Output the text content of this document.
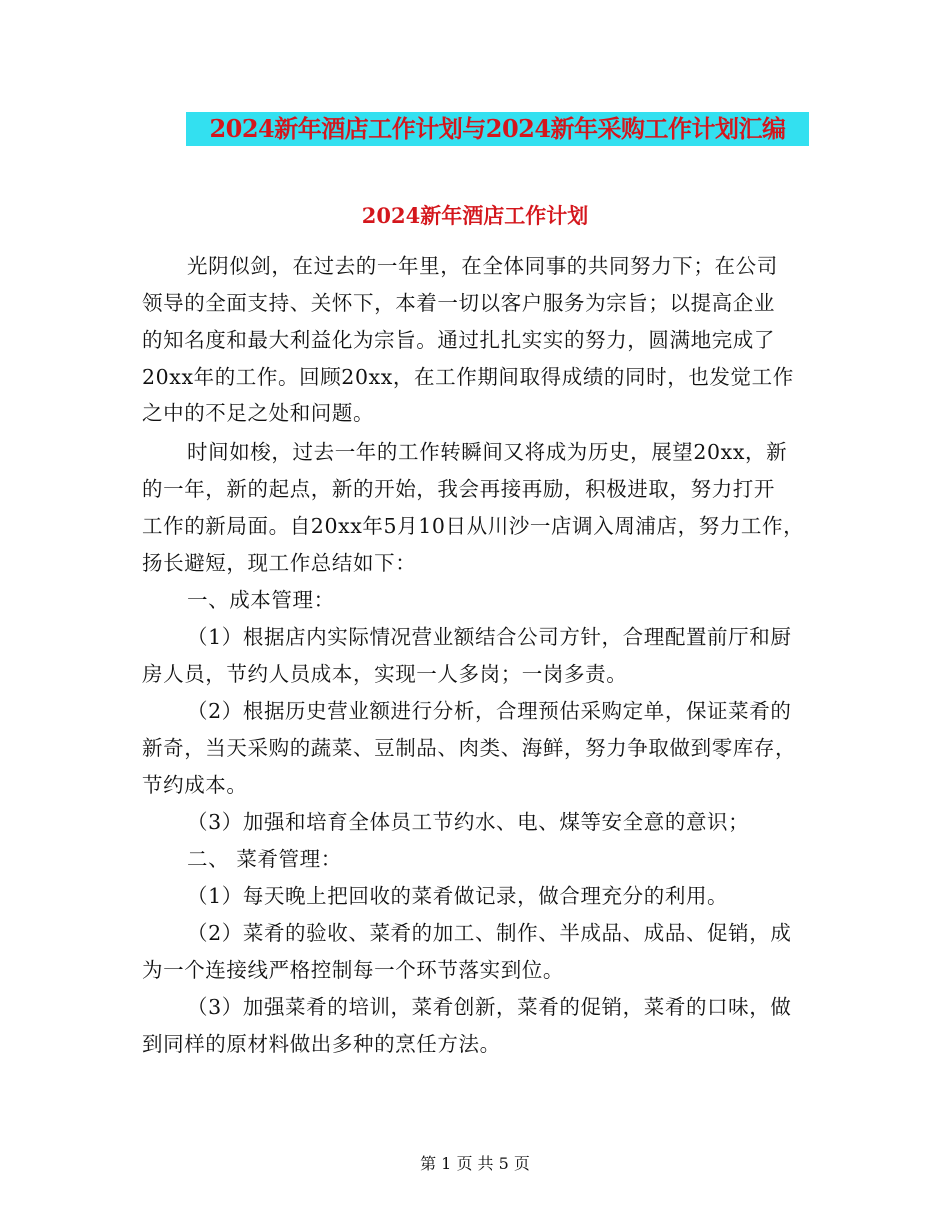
2024新年酒店工作计划与2024新年采购工作计划汇编
2024新年酒店工作计划
光阴似剑，在过去的一年里，在全体同事的共同努力下；在公司
领导的全面支持、关怀下，本着一切以客户服务为宗旨；以提高企业
的知名度和最大利益化为宗旨。通过扎扎实实的努力，圆满地完成了
20xx年的工作。回顾20xx，在工作期间取得成绩的同时，也发觉工作
之中的不足之处和问题。
时间如梭，过去一年的工作转瞬间又将成为历史，展望20xx，新
的一年，新的起点，新的开始，我会再接再励，积极进取，努力打开
工作的新局面。自20xx年5月10日从川沙一店调入周浦店，努力工作，
扬长避短，现工作总结如下：
一、成本管理：
（1）根据店内实际情况营业额结合公司方针，合理配置前厅和厨
房人员，节约人员成本，实现一人多岗；一岗多责。
（2）根据历史营业额进行分析，合理预估采购定单，保证菜肴的
新奇，当天采购的蔬菜、豆制品、肉类、海鲜，努力争取做到零库存，
节约成本。
（3）加强和培育全体员工节约水、电、煤等安全意的意识；
二、 菜肴管理：
（1）每天晚上把回收的菜肴做记录，做合理充分的利用。
（2）菜肴的验收、菜肴的加工、制作、半成品、成品、促销，成
为一个连接线严格控制每一个环节落实到位。
（3）加强菜肴的培训，菜肴创新，菜肴的促销，菜肴的口味，做
到同样的原材料做出多种的烹任方法。
第 1 页 共 5 页
